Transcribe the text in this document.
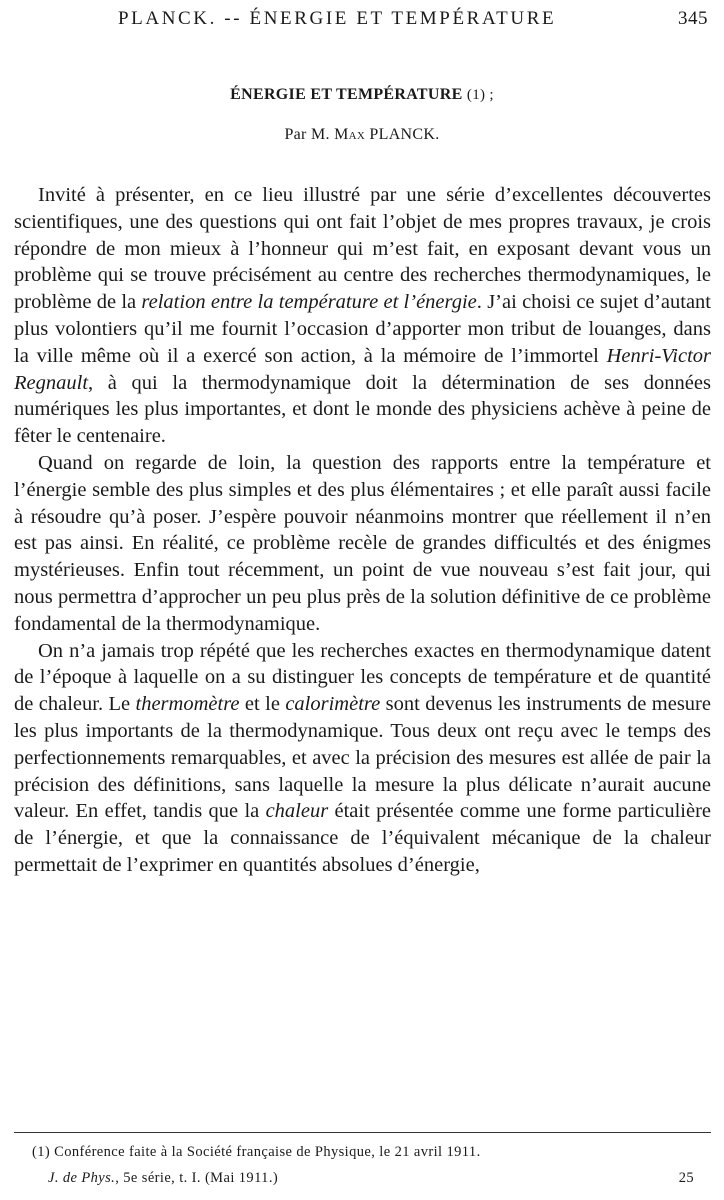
PLANCK. -- ÉNERGIE ET TEMPÉRATURE	345
ÉNERGIE ET TEMPÉRATURE (1) ;
Par M. Max PLANCK.

Invité à présenter, en ce lieu illustré par une série d’excellentes découvertes scientifiques, une des questions qui ont fait l’objet de mes propres travaux, je crois répondre de mon mieux à l’honneur qui m’est fait, en exposant devant vous un problème qui se trouve précisément au centre des recherches thermodynamiques, le problème de la relation entre la température et l’énergie. J’ai choisi ce sujet d’autant plus volontiers qu’il me fournit l’occasion d’apporter mon tribut de louanges, dans la ville même où il a exercé son action, à la mémoire de l’immortel Henri-Victor Regnault, à qui la thermodynamique doit la détermination de ses données numériques les plus importantes, et dont le monde des physiciens achève à peine de fêter le centenaire.

Quand on regarde de loin, la question des rapports entre la température et l’énergie semble des plus simples et des plus élémentaires ; et elle paraît aussi facile à résoudre qu’à poser. J’espère pouvoir néanmoins montrer que réellement il n’en est pas ainsi. En réalité, ce problème recèle de grandes difficultés et des énigmes mystérieuses. Enfin tout récemment, un point de vue nouveau s’est fait jour, qui nous permettra d’approcher un peu plus près de la solution définitive de ce problème fondamental de la thermodynamique.

On n’a jamais trop répété que les recherches exactes en thermodynamique datent de l’époque à laquelle on a su distinguer les concepts de température et de quantité de chaleur. Le thermomètre et le calorimètre sont devenus les instruments de mesure les plus importants de la thermodynamique. Tous deux ont reçu avec le temps des perfectionnements remarquables, et avec la précision des mesures est allée de pair la précision des définitions, sans laquelle la mesure la plus délicate n’aurait aucune valeur. En effet, tandis que la chaleur était présentée comme une forme particulière de l’énergie, et que la connaissance de l’équivalent mécanique de la chaleur permettait de l’exprimer en quantités absolues d’énergie,

(1) Conférence faite à la Société française de Physique, le 21 avril 1911.
J. de Phys., 5e série, t. I. (Mai 1911.)	25
